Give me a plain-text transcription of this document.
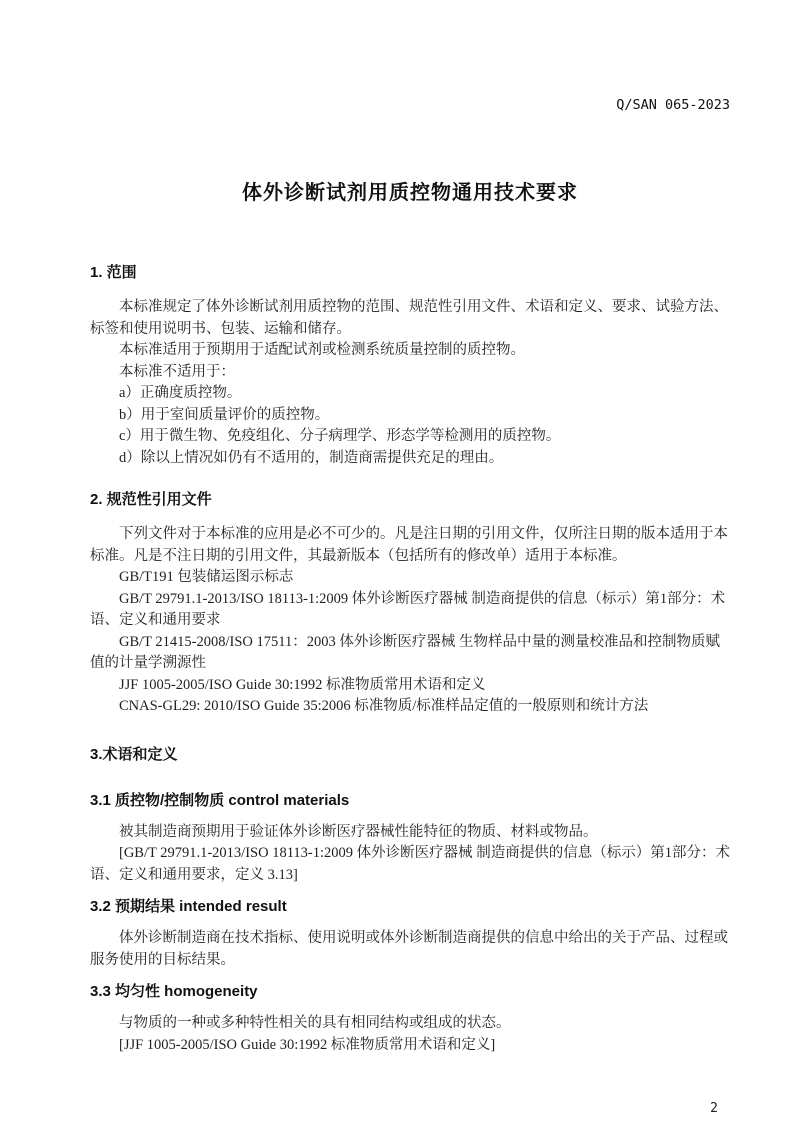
Q/SAN 065-2023
体外诊断试剂用质控物通用技术要求
1. 范围

本标准规定了体外诊断试剂用质控物的范围、规范性引用文件、术语和定义、要求、试验方法、标签和使用说明书、包装、运输和储存。

本标准适用于预期用于适配试剂或检测系统质量控制的质控物。

本标准不适用于：

a）正确度质控物。

b）用于室间质量评价的质控物。

c）用于微生物、免疫组化、分子病理学、形态学等检测用的质控物。

d）除以上情况如仍有不适用的，制造商需提供充足的理由。

2. 规范性引用文件

下列文件对于本标准的应用是必不可少的。凡是注日期的引用文件，仅所注日期的版本适用于本标准。凡是不注日期的引用文件，其最新版本（包括所有的修改单）适用于本标准。

GB/T191 包装储运图示标志

GB/T 29791.1-2013/ISO 18113-1:2009 体外诊断医疗器械 制造商提供的信息（标示）第1部分：术语、定义和通用要求

GB/T 21415-2008/ISO 17511：2003 体外诊断医疗器械 生物样品中量的测量校准品和控制物质赋值的计量学溯源性

JJF 1005-2005/ISO Guide 30:1992 标准物质常用术语和定义

CNAS-GL29: 2010/ISO Guide 35:2006 标准物质/标准样品定值的一般原则和统计方法

3.术语和定义
3.1 质控物/控制物质 control materials

被其制造商预期用于验证体外诊断医疗器械性能特征的物质、材料或物品。

[GB/T 29791.1-2013/ISO 18113-1:2009 体外诊断医疗器械 制造商提供的信息（标示）第1部分：术语、定义和通用要求，定义 3.13]

3.2 预期结果 intended result

体外诊断制造商在技术指标、使用说明或体外诊断制造商提供的信息中给出的关于产品、过程或服务使用的目标结果。

3.3 均匀性 homogeneity

与物质的一种或多种特性相关的具有相同结构或组成的状态。

[JJF 1005-2005/ISO Guide 30:1992 标准物质常用术语和定义]

2
